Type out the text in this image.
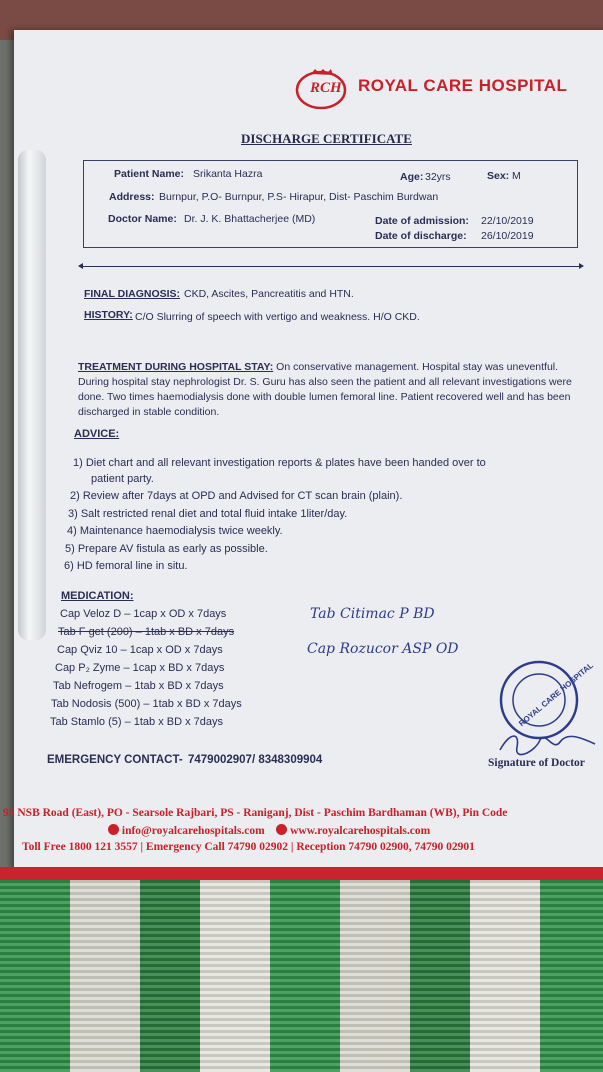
RCH ROYAL CARE HOSPITAL
DISCHARGE CERTIFICATE
Patient Name: Srikanta Hazra	Age: 32yrs	Sex: M
Address: Burnpur, P.O- Burnpur, P.S- Hirapur, Dist- Paschim Burdwan
Doctor Name: Dr. J. K. Bhattacherjee (MD)	Date of admission: 22/10/2019
Date of discharge: 26/10/2019
FINAL DIAGNOSIS: CKD, Ascites, Pancreatitis and HTN.
HISTORY: C/O Slurring of speech with vertigo and weakness. H/O CKD.
TREATMENT DURING HOSPITAL STAY: On conservative management. Hospital stay was uneventful. During hospital stay nephrologist Dr. S. Guru has also seen the patient and all relevant investigations were done. Two times haemodialysis done with double lumen femoral line. Patient recovered well and has been discharged in stable condition.
ADVICE:
1) Diet chart and all relevant investigation reports & plates have been handed over to
patient party.
2) Review after 7days at OPD and Advised for CT scan brain (plain).
3) Salt restricted renal diet and total fluid intake 1liter/day.
4) Maintenance haemodialysis twice weekly.
5) Prepare AV fistula as early as possible.
6) HD femoral line in situ.
MEDICATION:
Cap Veloz D – 1cap x OD x 7days
Tab F get (200) – 1tab x BD x 7days
Cap Qviz 10 – 1cap x OD x 7days
Cap P₂ Zyme – 1cap x BD x 7days
Tab Nefrogem – 1tab x BD x 7days
Tab Nodosis (500) – 1tab x BD x 7days
Tab Stamlo (5) – 1tab x BD x 7days
Tab Citimac P BD
Cap Rozucor ASP OD
ROYAL CARE HOSPITAL
Signature of Doctor
EMERGENCY CONTACT- 7479002907/ 8348309904
95 NSB Road (East), PO - Searsole Rajbari, PS - Raniganj, Dist - Paschim Bardhaman (WB), Pin Code
info@royalcarehospitals.com www.royalcarehospitals.com
Toll Free 1800 121 3557 | Emergency Call 74790 02902 | Reception 74790 02900, 74790 02901
